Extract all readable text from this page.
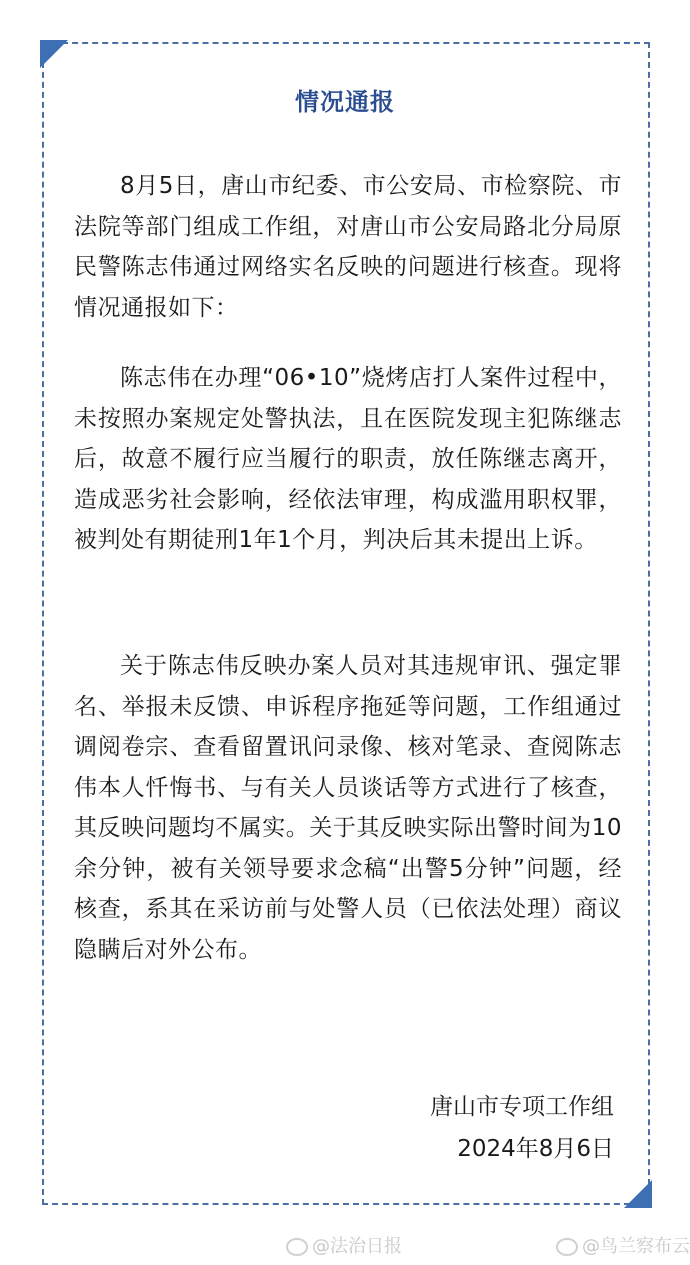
情况通报

8月5日，唐山市纪委、市公安局、市检察院、市法院等部门组成工作组，对唐山市公安局路北分局原民警陈志伟通过网络实名反映的问题进行核查。现将情况通报如下：

陈志伟在办理“06•10”烧烤店打人案件过程中，未按照办案规定处警执法，且在医院发现主犯陈继志后，故意不履行应当履行的职责，放任陈继志离开，造成恶劣社会影响，经依法审理，构成滥用职权罪，被判处有期徒刑1年1个月，判决后其未提出上诉。

关于陈志伟反映办案人员对其违规审讯、强定罪名、举报未反馈、申诉程序拖延等问题，工作组通过调阅卷宗、查看留置讯问录像、核对笔录、查阅陈志伟本人忏悔书、与有关人员谈话等方式进行了核查，其反映问题均不属实。关于其反映实际出警时间为10余分钟，被有关领导要求念稿“出警5分钟”问题，经核查，系其在采访前与处警人员（已依法处理）商议隐瞒后对外公布。

唐山市专项工作组
2024年8月6日
@法治日报	@鸟兰察布云
